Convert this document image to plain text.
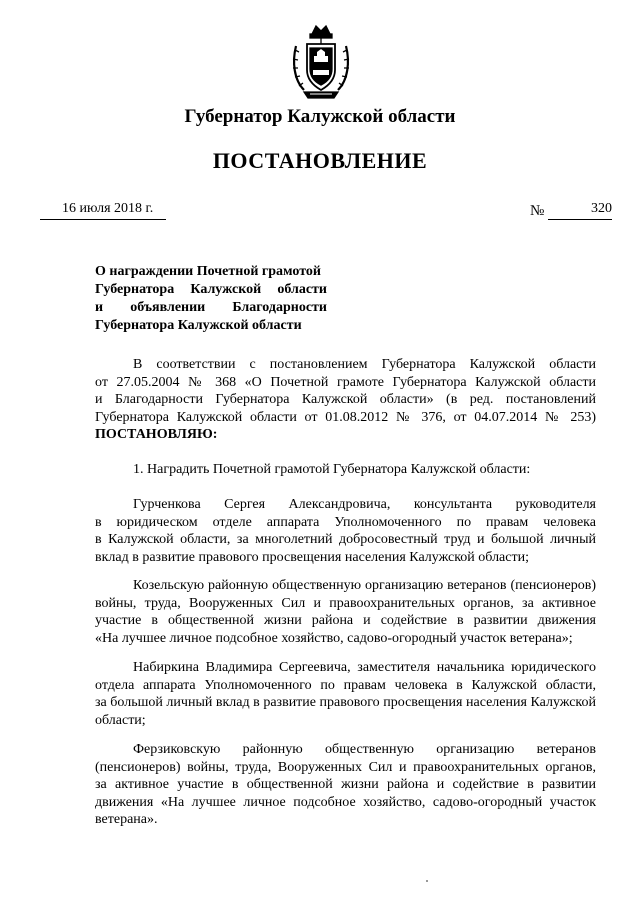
Губернатор Калужской области
ПОСТАНОВЛЕНИЕ
16 июля 2018 г.	№	320
О награждении Почетной грамотой
Губернатора Калужской области
и объявлении Благодарности
Губернатора Калужской области
В соответствии с постановлением Губернатора Калужской области
от 27.05.2004 № 368 «О Почетной грамоте Губернатора Калужской области
и Благодарности Губернатора Калужской области» (в ред. постановлений
Губернатора Калужской области от 01.08.2012 № 376, от 04.07.2014 № 253)
ПОСТАНОВЛЯЮ:
1. Наградить Почетной грамотой Губернатора Калужской области:
Гурченкова Сергея Александровича, консультанта руководителя
в юридическом отделе аппарата Уполномоченного по правам человека
в Калужской области, за многолетний добросовестный труд и большой личный
вклад в развитие правового просвещения населения Калужской области;
Козельскую районную общественную организацию ветеранов (пенсионеров)
войны, труда, Вооруженных Сил и правоохранительных органов, за активное
участие в общественной жизни района и содействие в развитии движения
«На лучшее личное подсобное хозяйство, садово-огородный участок ветерана»;
Набиркина Владимира Сергеевича, заместителя начальника юридического
отдела аппарата Уполномоченного по правам человека в Калужской области,
за большой личный вклад в развитие правового просвещения населения Калужской
области;
Ферзиковскую районную общественную организацию ветеранов
(пенсионеров) войны, труда, Вооруженных Сил и правоохранительных органов,
за активное участие в общественной жизни района и содействие в развитии
движения «На лучшее личное подсобное хозяйство, садово-огородный участок
ветерана».
